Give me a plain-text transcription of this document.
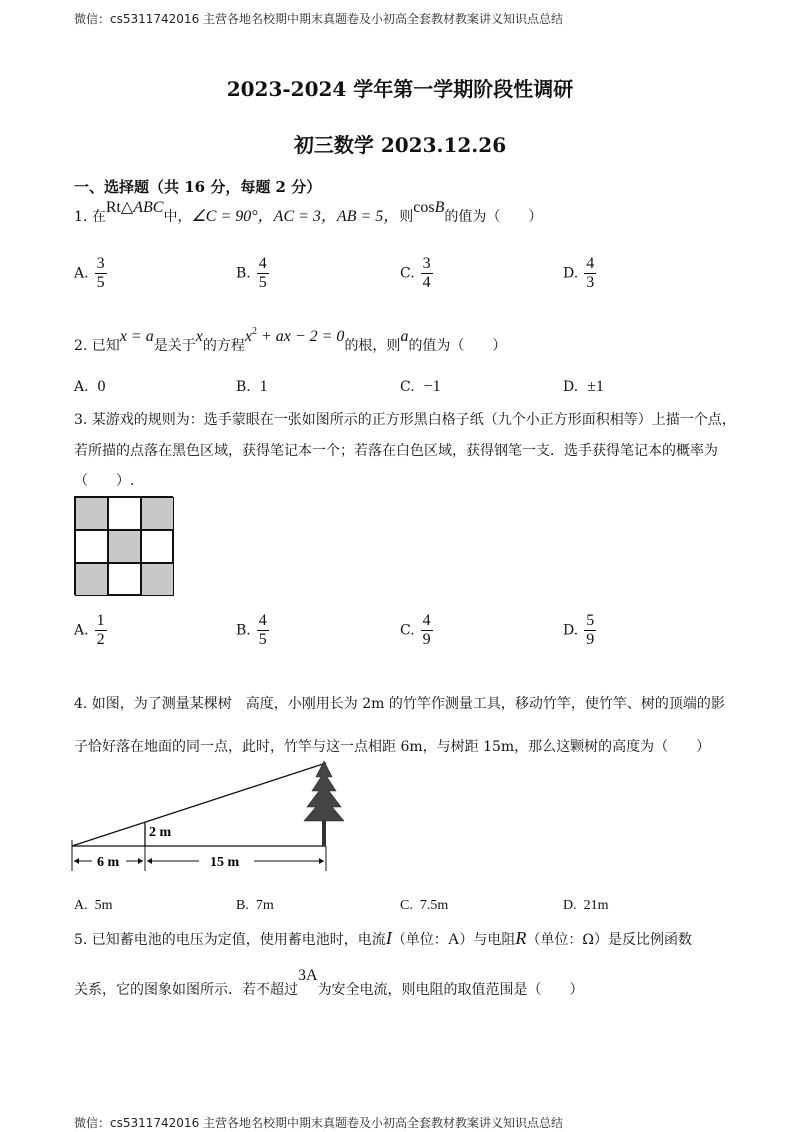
微信：cs5311742016 主营各地名校期中期末真题卷及小初高全套教材教案讲义知识点总结
微信：cs5311742016 主营各地名校期中期末真题卷及小初高全套教材教案讲义知识点总结
2023-2024 学年第一学期阶段性调研
初三数学 2023.12.26
一、选择题（共 16 分，每题 2 分）
1. 在Rt△ABC中，∠C = 90°，AC = 3，AB = 5，则cosB的值为（　　）
A. $\frac{3}{5}$	B. $\frac{4}{5}$	C. $\frac{3}{4}$	D. $\frac{4}{3}$
2. 已知x = a是关于x的方程$x^2$ + ax − 2 = 0的根，则a的值为（　　）
A. 0	B. 1	C. −1	D. ±1
3. 某游戏的规则为：选手蒙眼在一张如图所示的正方形黑白格子纸（九个小正方形面积相等）上描一个点，
若所描的点落在黑色区域，获得笔记本一个；若落在白色区域，获得钢笔一支．选手获得笔记本的概率为
（　　）.
A. $\frac{1}{2}$	B. $\frac{4}{5}$	C. $\frac{4}{9}$	D. $\frac{5}{9}$
4. 如图，为了测量某棵树　高度，小刚用长为 2m 的竹竿作测量工具，移动竹竿，使竹竿、树的顶端的影
子恰好落在地面的同一点，此时，竹竿与这一点相距 6m，与树距 15m，那么这颗树的高度为（　　）
2 m
6 m	15 m
A. 5m	B. 7m	C. 7.5m	D. 21m
5. 已知蓄电池的电压为定值，使用蓄电池时，电流I（单位：A）与电阻R（单位：Ω）是反比例函数
关系，它的图象如图所示．若不超过3A为安全电流，则电阻的取值范围是（　　）
